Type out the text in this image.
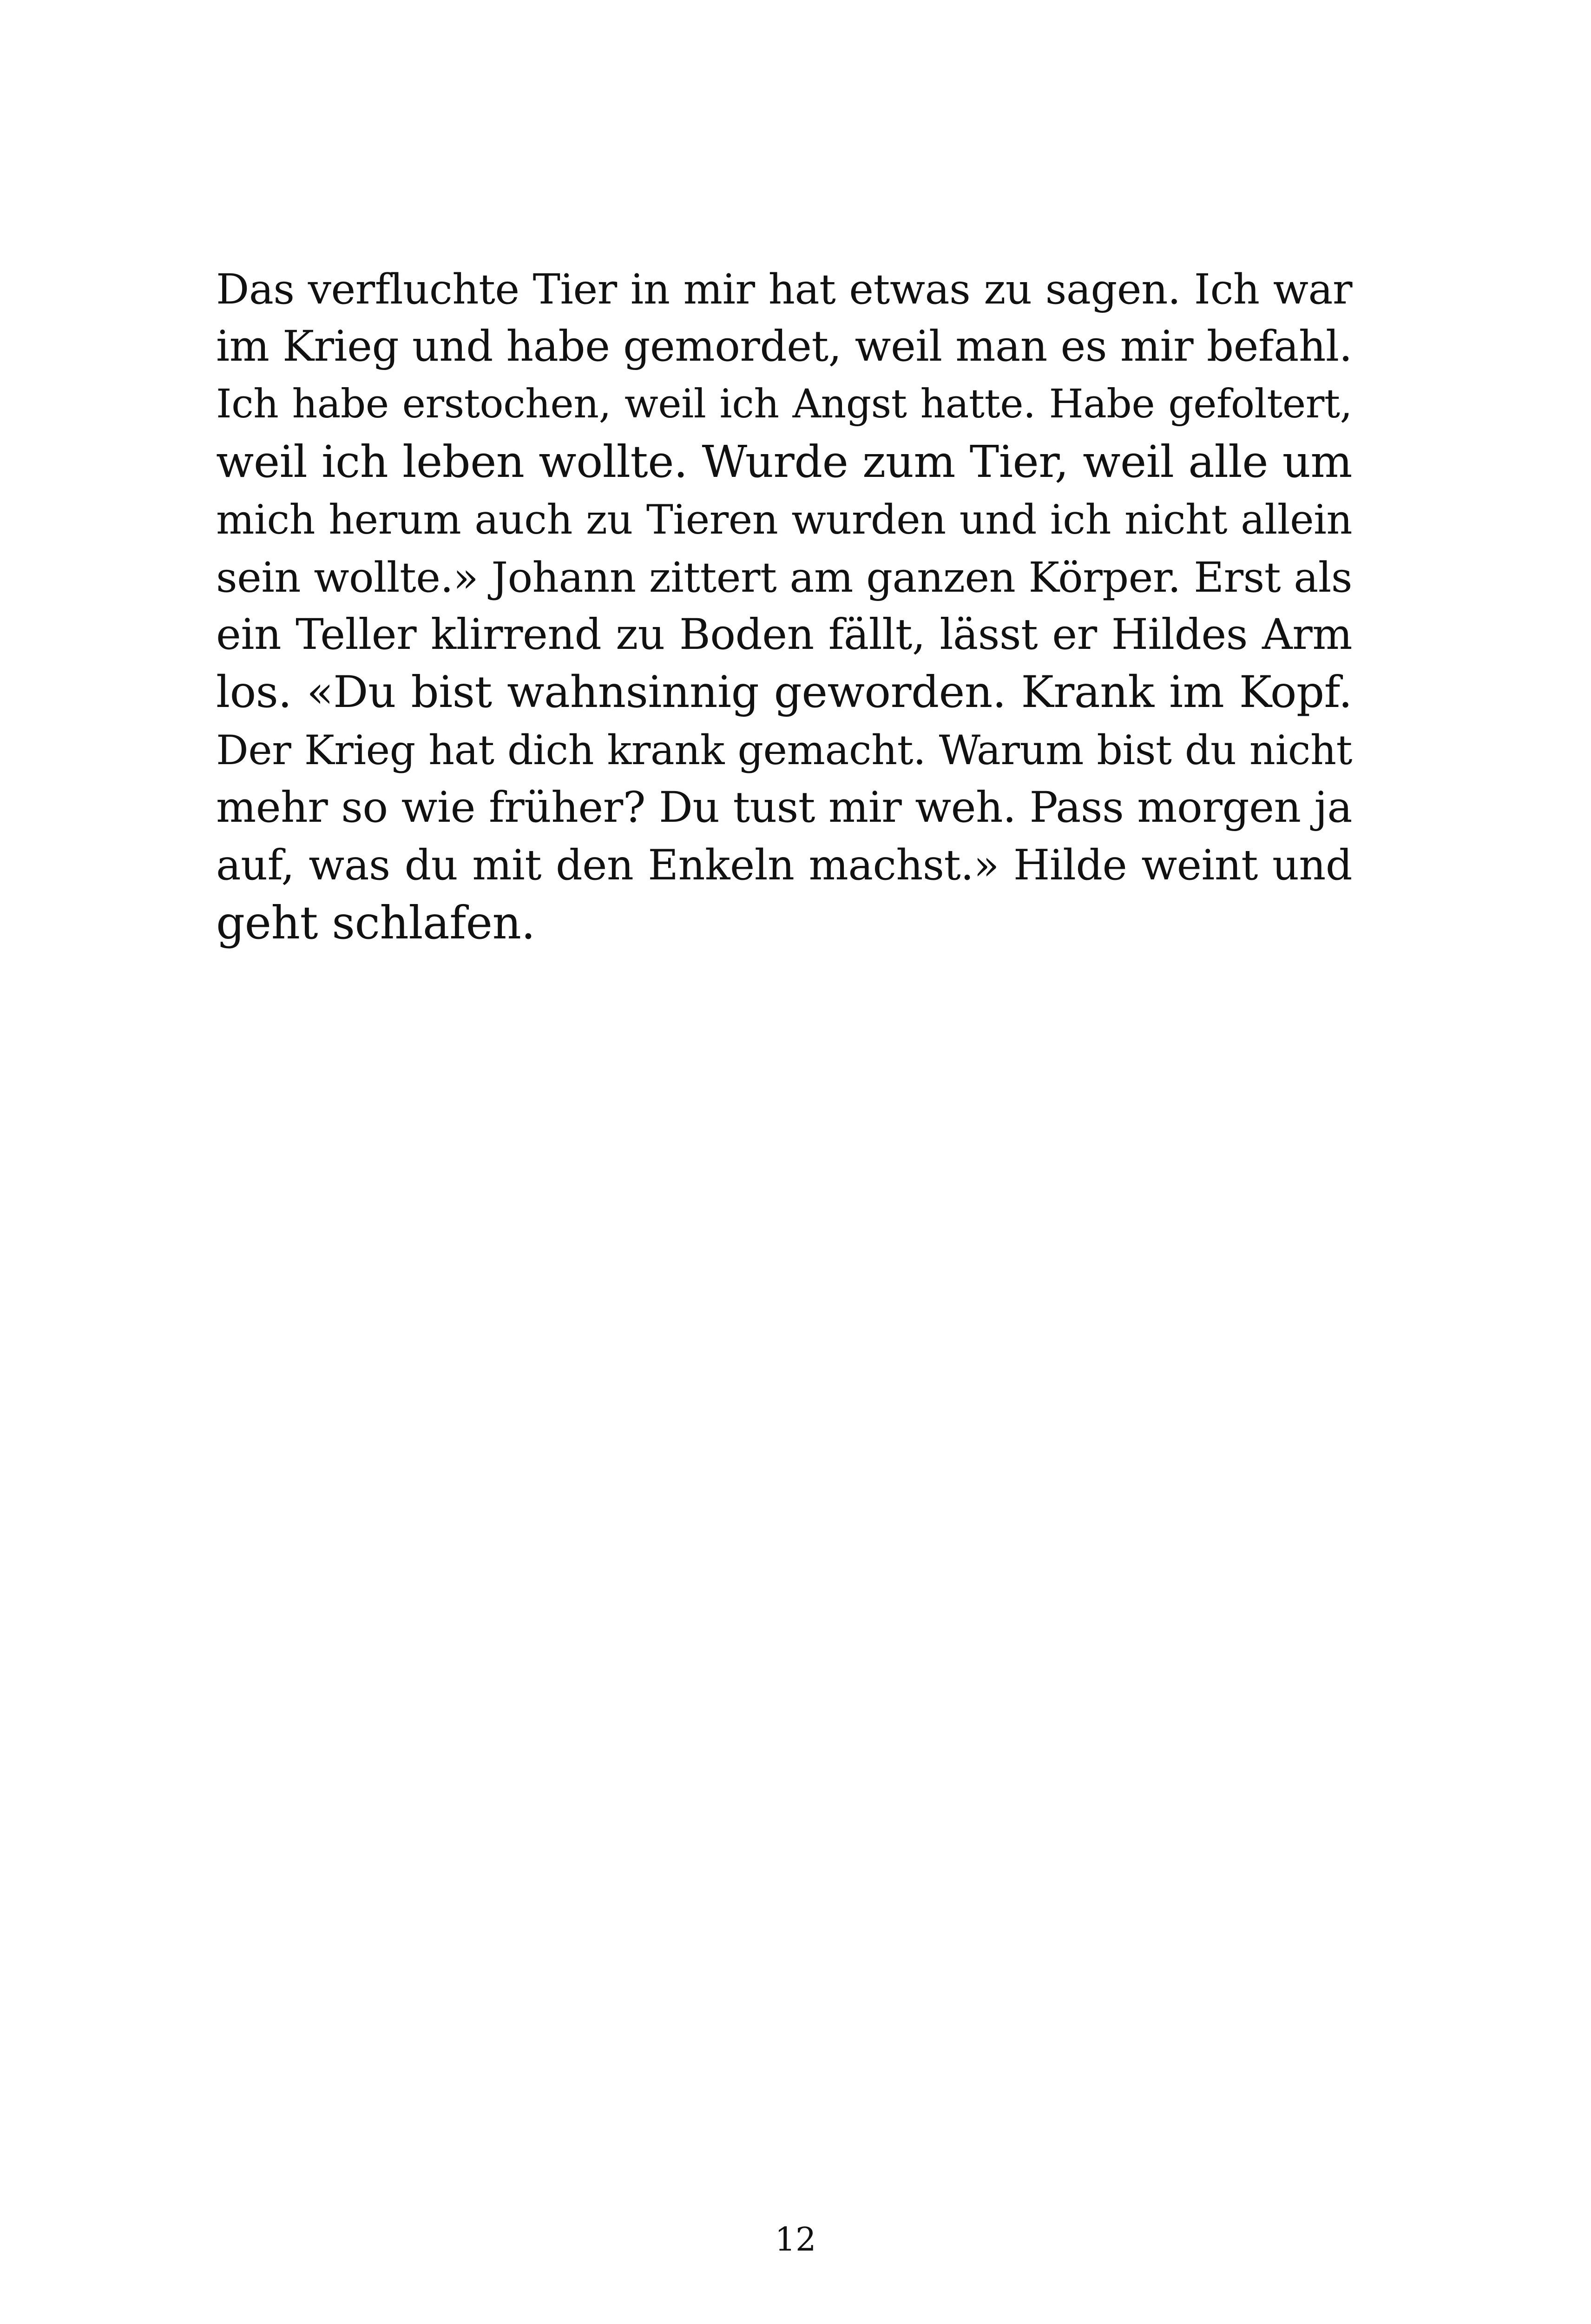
Das verfluchte Tier in mir hat etwas zu sagen. Ich war
im Krieg und habe gemordet, weil man es mir befahl.
Ich habe erstochen, weil ich Angst hatte. Habe gefoltert,
weil ich leben wollte. Wurde zum Tier, weil alle um
mich herum auch zu Tieren wurden und ich nicht allein
sein wollte.» Johann zittert am ganzen Körper. Erst als
ein Teller klirrend zu Boden fällt, lässt er Hildes Arm
los. «Du bist wahnsinnig geworden. Krank im Kopf.
Der Krieg hat dich krank gemacht. Warum bist du nicht
mehr so wie früher? Du tust mir weh. Pass morgen ja
auf, was du mit den Enkeln machst.» Hilde weint und
geht schlafen.
12
